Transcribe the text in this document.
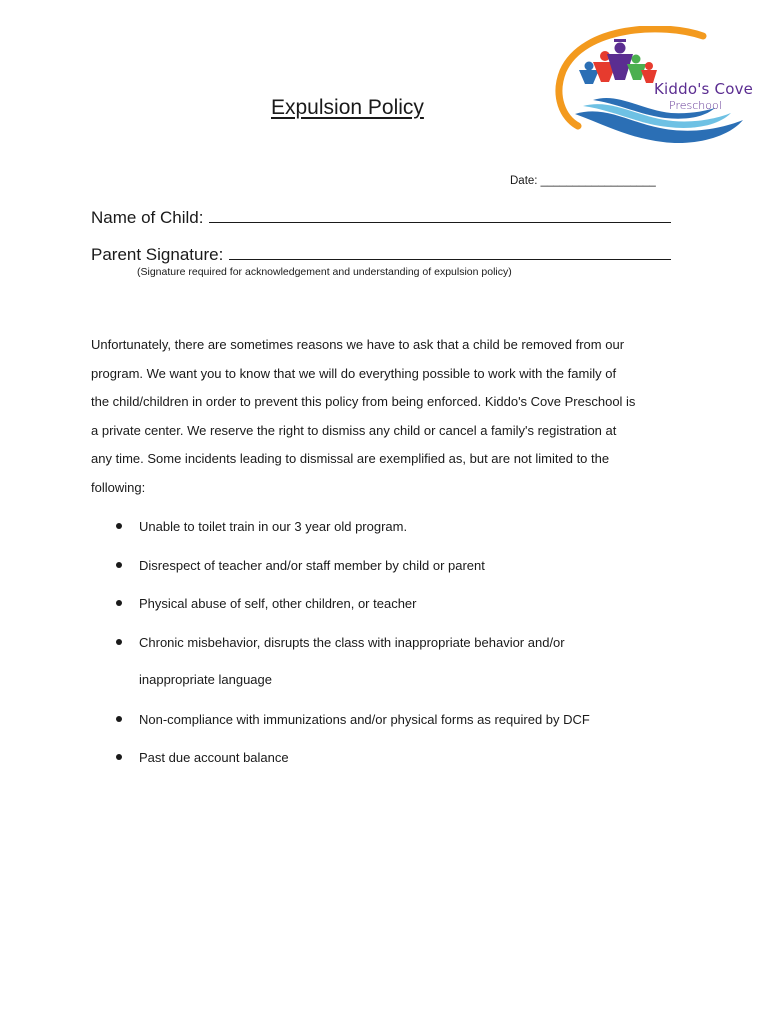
Kiddo's Cove
Preschool
Expulsion Policy
Date: __________________
Name of Child:
Parent Signature:
(Signature required for acknowledgement and understanding of expulsion policy)
Unfortunately, there are sometimes reasons we have to ask that a child be removed from our
program. We want you to know that we will do everything possible to work with the family of
the child/children in order to prevent this policy from being enforced. Kiddo's Cove Preschool is
a private center. We reserve the right to dismiss any child or cancel a family's registration at
any time. Some incidents leading to dismissal are exemplified as, but are not limited to the
following:
Unable to toilet train in our 3 year old program.
Disrespect of teacher and/or staff member by child or parent
Physical abuse of self, other children, or teacher
Chronic misbehavior, disrupts the class with inappropriate behavior and/or
inappropriate language
Non-compliance with immunizations and/or physical forms as required by DCF
Past due account balance
